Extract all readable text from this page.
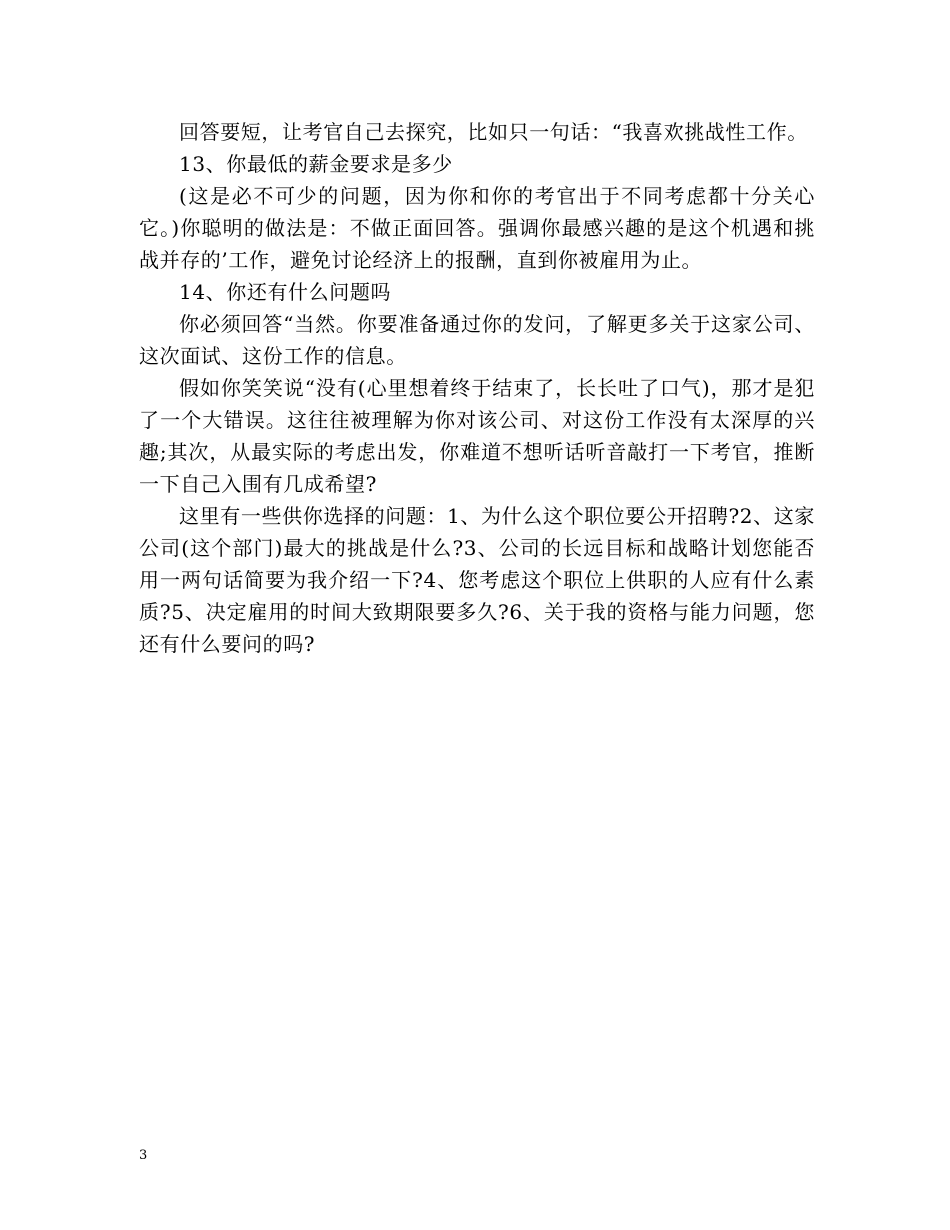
回答要短，让考官自己去探究，比如只一句话：“我喜欢挑战性工作。

13、你最低的薪金要求是多少

(这是必不可少的问题，因为你和你的考官出于不同考虑都十分关心它。)你聪明的做法是：不做正面回答。强调你最感兴趣的是这个机遇和挑战并存的’工作，避免讨论经济上的报酬，直到你被雇用为止。

14、你还有什么问题吗

你必须回答“当然。你要准备通过你的发问，了解更多关于这家公司、这次面试、这份工作的信息。

假如你笑笑说“没有(心里想着终于结束了，长长吐了口气)，那才是犯了一个大错误。这往往被理解为你对该公司、对这份工作没有太深厚的兴趣;其次，从最实际的考虑出发，你难道不想听话听音敲打一下考官，推断一下自己入围有几成希望?

这里有一些供你选择的问题：1、为什么这个职位要公开招聘?2、这家公司(这个部门)最大的挑战是什么?3、公司的长远目标和战略计划您能否用一两句话简要为我介绍一下?4、您考虑这个职位上供职的人应有什么素质?5、决定雇用的时间大致期限要多久?6、关于我的资格与能力问题，您还有什么要问的吗?

3
